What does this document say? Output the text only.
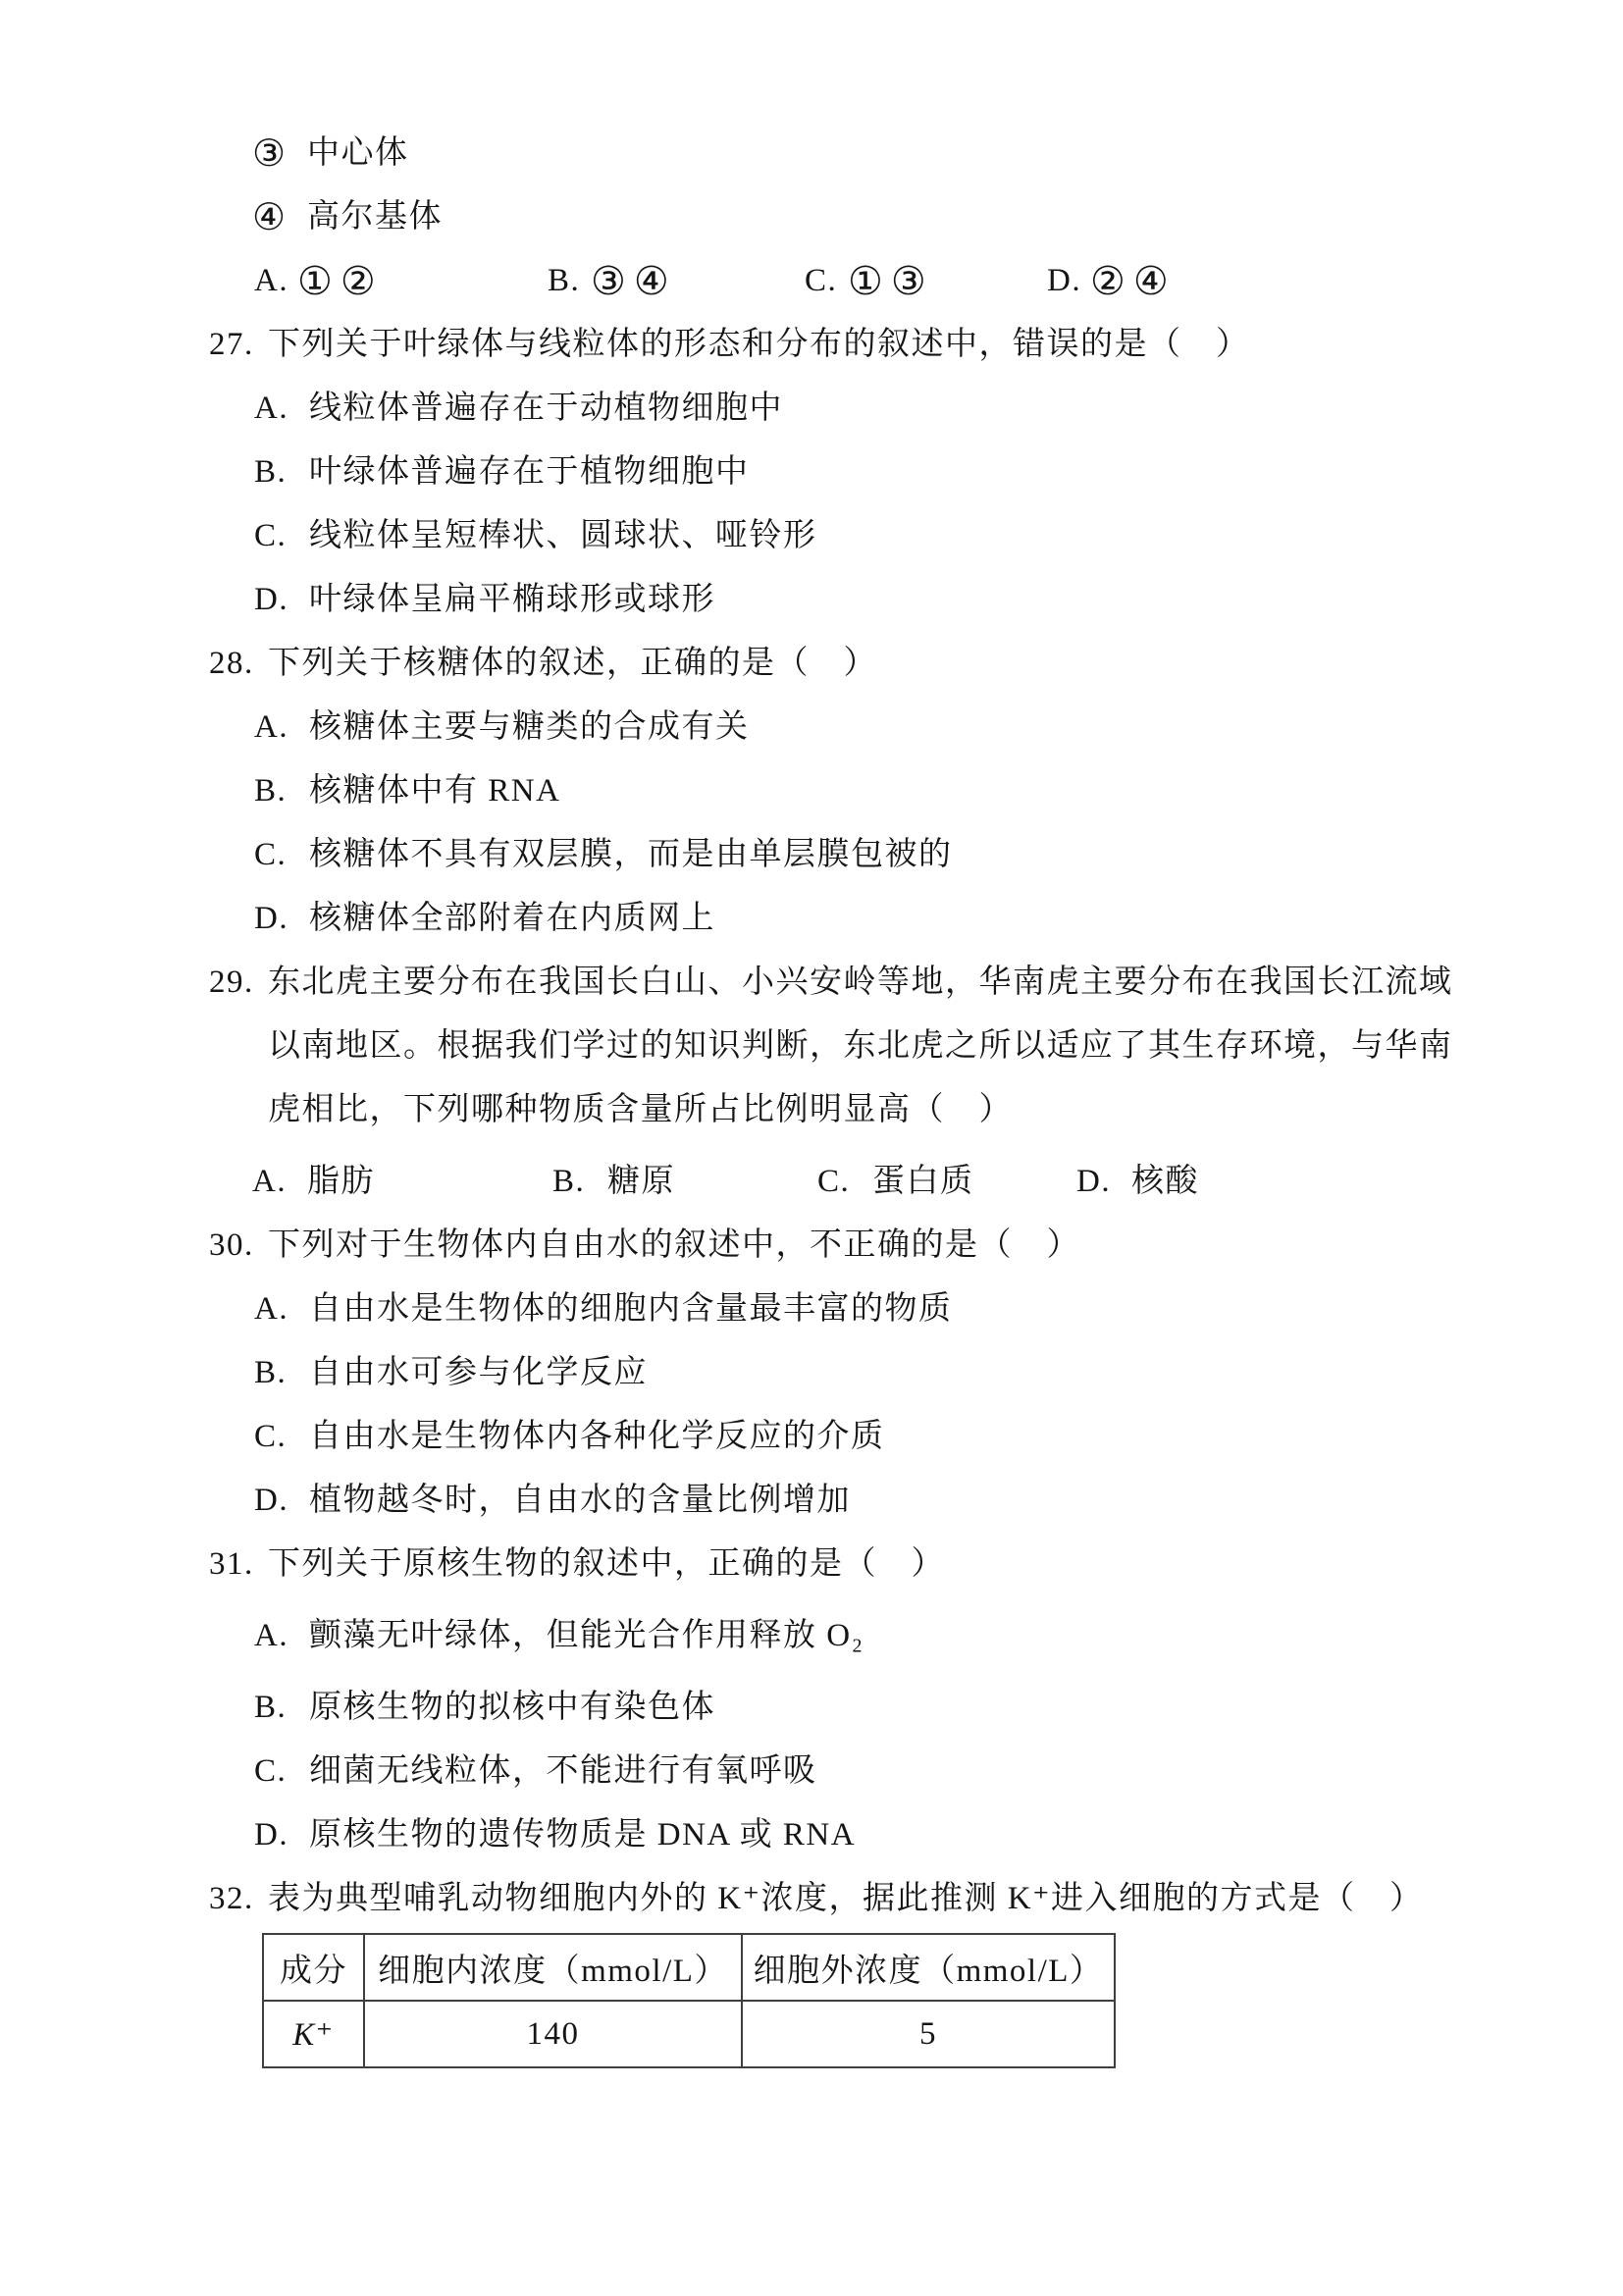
③ 中心体
④ 高尔基体
A. ①②	B. ③④	C. ①③	D. ②④
27. 下列关于叶绿体与线粒体的形态和分布的叙述中，错误的是（　）
A. 线粒体普遍存在于动植物细胞中
B. 叶绿体普遍存在于植物细胞中
C. 线粒体呈短棒状、圆球状、哑铃形
D. 叶绿体呈扁平椭球形或球形
28. 下列关于核糖体的叙述，正确的是（　）
A. 核糖体主要与糖类的合成有关
B. 核糖体中有 RNA
C. 核糖体不具有双层膜，而是由单层膜包被的
D. 核糖体全部附着在内质网上
29. 东北虎主要分布在我国长白山、小兴安岭等地，华南虎主要分布在我国长江流域
以南地区。根据我们学过的知识判断，东北虎之所以适应了其生存环境，与华南
虎相比，下列哪种物质含量所占比例明显高（　）
A. 脂肪	B. 糖原	C. 蛋白质	D. 核酸
30. 下列对于生物体内自由水的叙述中，不正确的是（　）
A. 自由水是生物体的细胞内含量最丰富的物质
B. 自由水可参与化学反应
C. 自由水是生物体内各种化学反应的介质
D. 植物越冬时，自由水的含量比例增加
31. 下列关于原核生物的叙述中，正确的是（　）
A. 颤藻无叶绿体，但能光合作用释放 O₂
B. 原核生物的拟核中有染色体
C. 细菌无线粒体，不能进行有氧呼吸
D. 原核生物的遗传物质是 DNA 或 RNA
32. 表为典型哺乳动物细胞内外的 K⁺浓度，据此推测 K⁺进入细胞的方式是（　）
成分	细胞内浓度（mmol/L）	细胞外浓度（mmol/L）
K⁺	140	5
